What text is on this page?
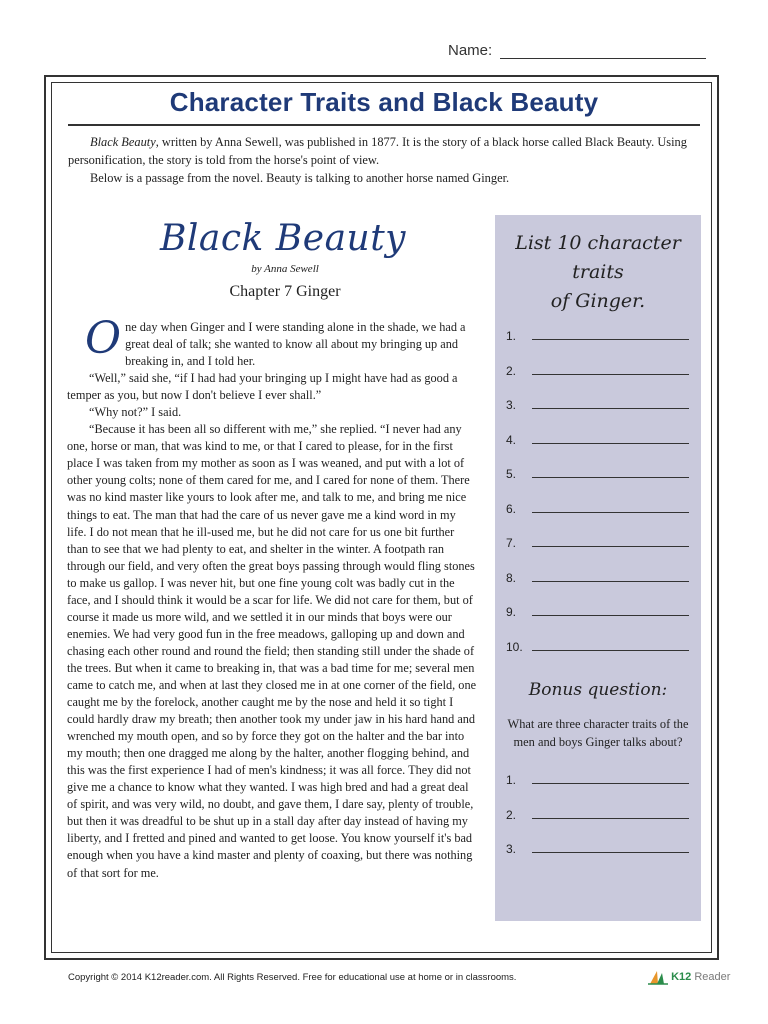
Name:
Character Traits and Black Beauty

Black Beauty, written by Anna Sewell, was published in 1877. It is the story of a black horse called Black Beauty. Using personification, the story is told from the horse's point of view.

Below is a passage from the novel. Beauty is talking to another horse named Ginger.

Black Beauty
by Anna Sewell
Chapter 7 Ginger

One day when Ginger and I were standing alone in the shade, we had a great deal of talk; she wanted to know all about my bringing up and breaking in, and I told her.

“Well,” said she, “if I had had your bringing up I might have had as good a temper as you, but now I don't believe I ever shall.”

“Why not?” I said.

“Because it has been all so different with me,” she replied. “I never had any one, horse or man, that was kind to me, or that I cared to please, for in the first place I was taken from my mother as soon as I was weaned, and put with a lot of other young colts; none of them cared for me, and I cared for none of them. There was no kind master like yours to look after me, and talk to me, and bring me nice things to eat. The man that had the care of us never gave me a kind word in my life. I do not mean that he ill-used me, but he did not care for us one bit further than to see that we had plenty to eat, and shelter in the winter. A footpath ran through our field, and very often the great boys passing through would fling stones to make us gallop. I was never hit, but one fine young colt was badly cut in the face, and I should think it would be a scar for life. We did not care for them, but of course it made us more wild, and we settled it in our minds that boys were our enemies. We had very good fun in the free meadows, galloping up and down and chasing each other round and round the field; then standing still under the shade of the trees. But when it came to breaking in, that was a bad time for me; several men came to catch me, and when at last they closed me in at one corner of the field, one caught me by the forelock, another caught me by the nose and held it so tight I could hardly draw my breath; then another took my under jaw in his hard hand and wrenched my mouth open, and so by force they got on the halter and the bar into my mouth; then one dragged me along by the halter, another flogging behind, and this was the first experience I had of men's kindness; it was all force. They did not give me a chance to know what they wanted. I was high bred and had a great deal of spirit, and was very wild, no doubt, and gave them, I dare say, plenty of trouble, but then it was dreadful to be shut up in a stall day after day instead of having my liberty, and I fretted and pined and wanted to get loose. You know yourself it's bad enough when you have a kind master and plenty of coaxing, but there was nothing of that sort for me.

List 10 character traits
of Ginger.
1.
2.
3.
4.
5.
6.
7.
8.
9.
10.
Bonus question:
What are three character traits of the men and boys Ginger talks about?
1.
2.
3.
Copyright © 2014 K12reader.com. All Rights Reserved. Free for educational use at home or in classrooms.	K12 Reader
